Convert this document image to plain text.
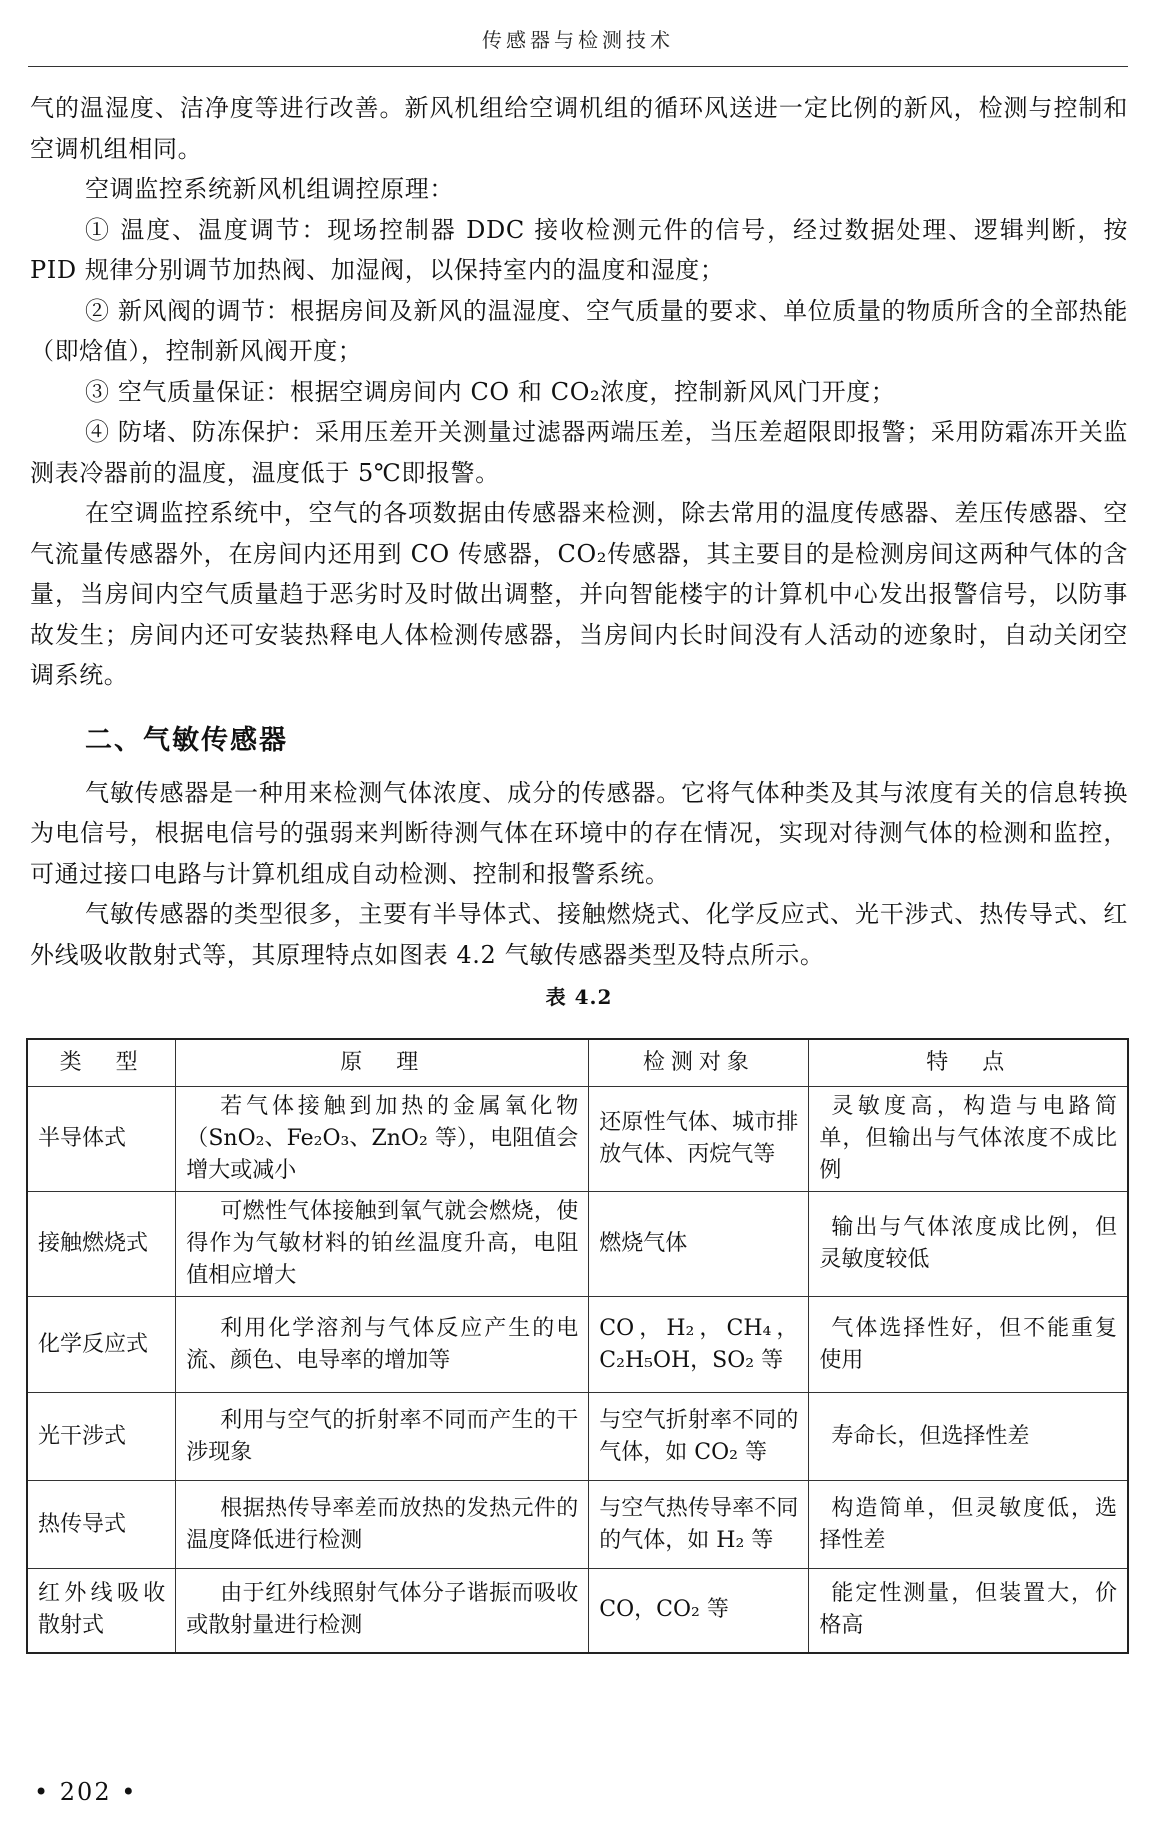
传感器与检测技术

气的温湿度、洁净度等进行改善。新风机组给空调机组的循环风送进一定比例的新风，检测与控制和空调机组相同。

空调监控系统新风机组调控原理：

① 温度、温度调节：现场控制器 DDC 接收检测元件的信号，经过数据处理、逻辑判断，按 PID 规律分别调节加热阀、加湿阀，以保持室内的温度和湿度；

② 新风阀的调节：根据房间及新风的温湿度、空气质量的要求、单位质量的物质所含的全部热能（即焓值），控制新风阀开度；

③ 空气质量保证：根据空调房间内 CO 和 CO₂浓度，控制新风风门开度；

④ 防堵、防冻保护：采用压差开关测量过滤器两端压差，当压差超限即报警；采用防霜冻开关监测表冷器前的温度，温度低于 5℃即报警。

在空调监控系统中，空气的各项数据由传感器来检测，除去常用的温度传感器、差压传感器、空气流量传感器外，在房间内还用到 CO 传感器，CO₂传感器，其主要目的是检测房间这两种气体的含量，当房间内空气质量趋于恶劣时及时做出调整，并向智能楼宇的计算机中心发出报警信号，以防事故发生；房间内还可安装热释电人体检测传感器，当房间内长时间没有人活动的迹象时，自动关闭空调系统。

二、气敏传感器

气敏传感器是一种用来检测气体浓度、成分的传感器。它将气体种类及其与浓度有关的信息转换为电信号，根据电信号的强弱来判断待测气体在环境中的存在情况，实现对待测气体的检测和监控，可通过接口电路与计算机组成自动检测、控制和报警系统。

气敏传感器的类型很多，主要有半导体式、接触燃烧式、化学反应式、光干涉式、热传导式、红外线吸收散射式等，其原理特点如图表 4.2 气敏传感器类型及特点所示。

表 4.2
类　型	原　理	检测对象	特　点
半导体式	若气体接触到加热的金属氧化物（SnO₂、Fe₂O₃、ZnO₂ 等），电阻值会增大或减小	还原性气体、城市排放气体、丙烷气等	灵敏度高，构造与电路简单，但输出与气体浓度不成比例
接触燃烧式	可燃性气体接触到氧气就会燃烧，使得作为气敏材料的铂丝温度升高，电阻值相应增大	燃烧气体	输出与气体浓度成比例，但灵敏度较低
化学反应式	利用化学溶剂与气体反应产生的电流、颜色、电导率的增加等	CO，H₂，CH₄，C₂H₅OH，SO₂ 等	气体选择性好，但不能重复使用
光干涉式	利用与空气的折射率不同而产生的干涉现象	与空气折射率不同的气体，如 CO₂ 等	寿命长，但选择性差
热传导式	根据热传导率差而放热的发热元件的温度降低进行检测	与空气热传导率不同的气体，如 H₂ 等	构造简单，但灵敏度低，选择性差
红外线吸收散射式	由于红外线照射气体分子谐振而吸收或散射量进行检测	CO，CO₂ 等	能定性测量，但装置大，价格高
• 202 •
